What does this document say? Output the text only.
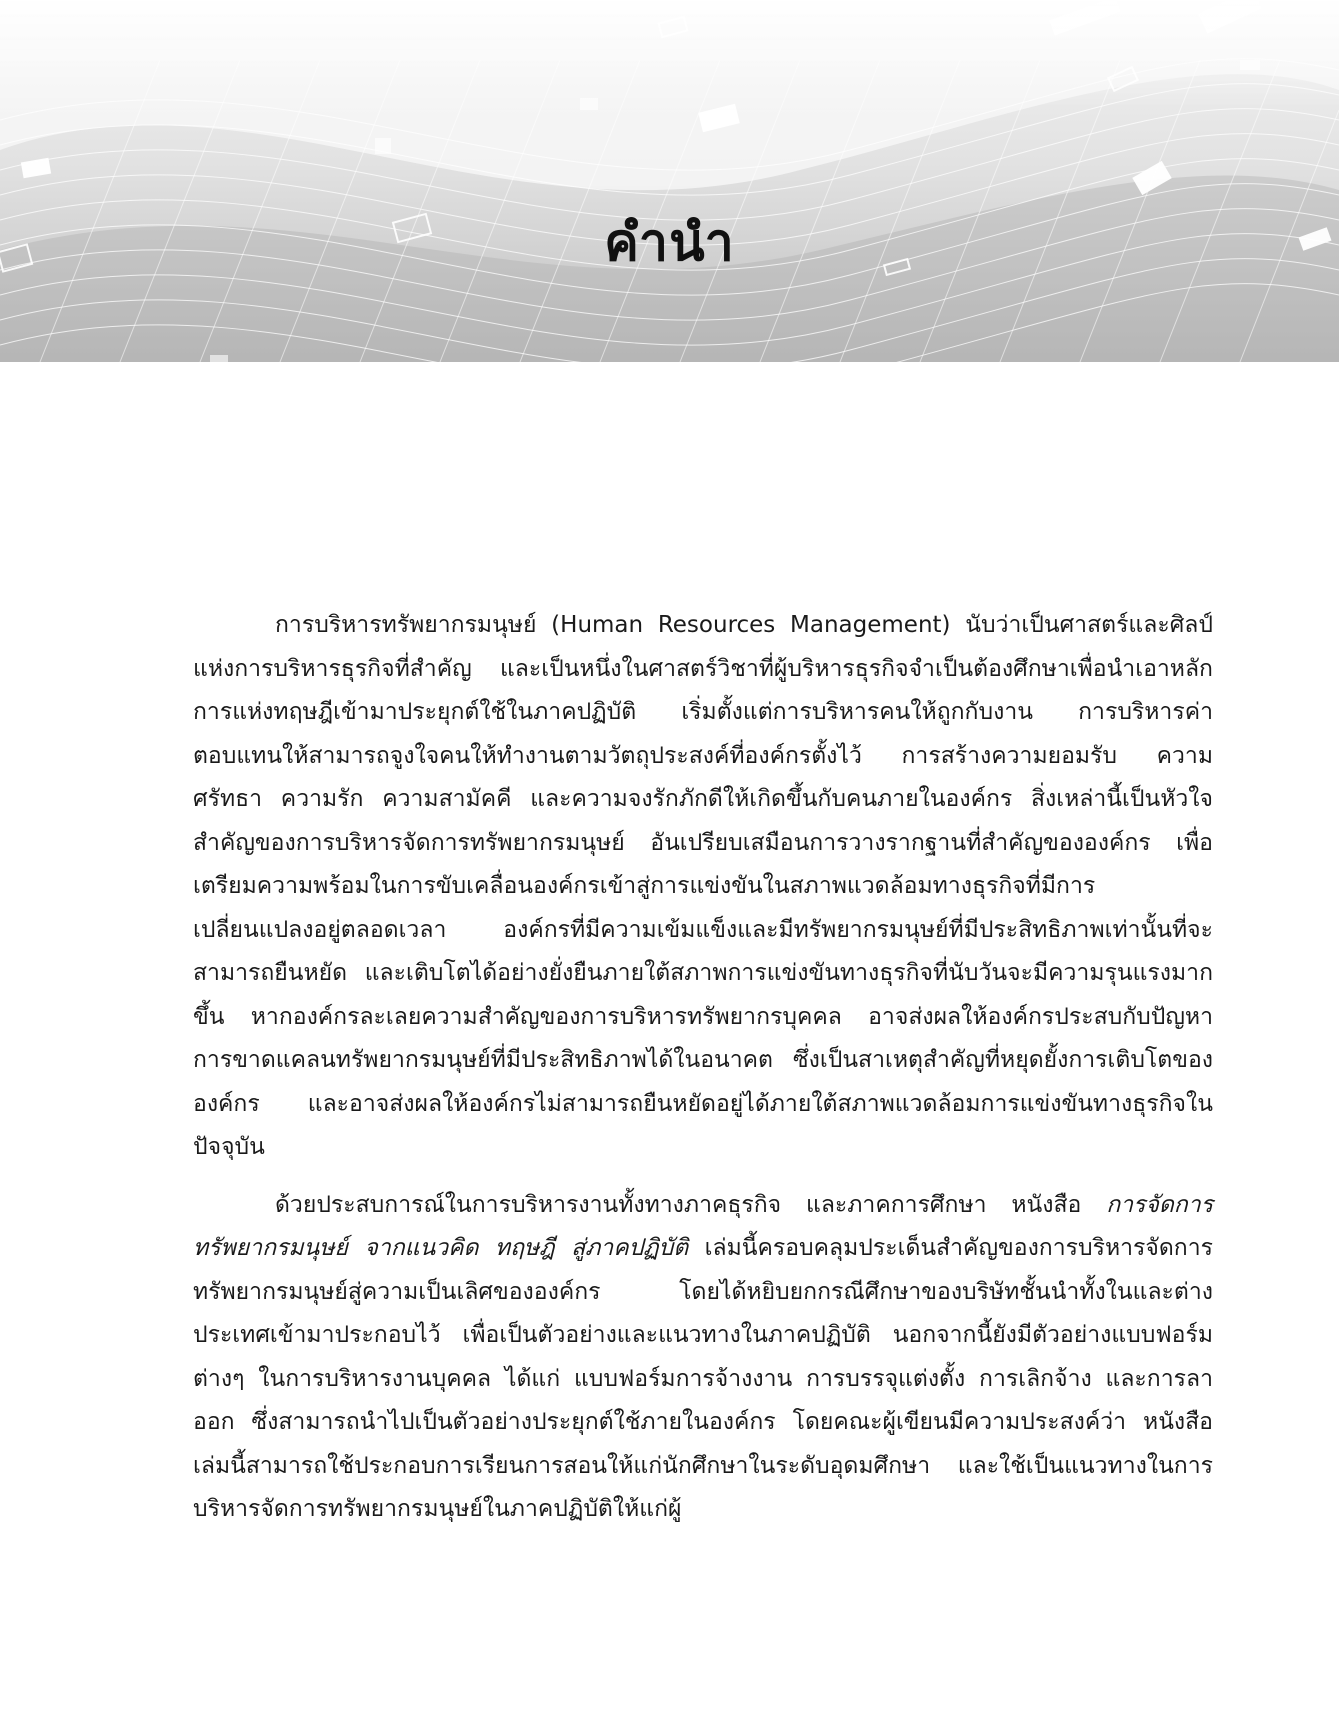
คำนำ

การบริหารทรัพยากรมนุษย์ (Human Resources Management) นับว่าเป็นศาสตร์และศิลป์แห่งการบริหารธุรกิจที่สำคัญ และเป็นหนึ่งในศาสตร์วิชาที่ผู้บริหารธุรกิจจำเป็นต้องศึกษาเพื่อนำเอาหลักการแห่งทฤษฎีเข้ามาประยุกต์ใช้ในภาคปฏิบัติ เริ่มตั้งแต่การบริหารคนให้ถูกกับงาน การบริหารค่าตอบแทนให้สามารถจูงใจคนให้ทำงานตามวัตถุประสงค์ที่องค์กรตั้งไว้ การสร้างความยอมรับ ความศรัทธา ความรัก ความสามัคคี และความจงรักภักดีให้เกิดขึ้นกับคนภายในองค์กร สิ่งเหล่านี้เป็นหัวใจสำคัญของการบริหารจัดการทรัพยากรมนุษย์ อันเปรียบเสมือนการวางรากฐานที่สำคัญขององค์กร เพื่อเตรียมความพร้อมในการขับเคลื่อนองค์กรเข้าสู่การแข่งขันในสภาพแวดล้อมทางธุรกิจที่มีการเปลี่ยนแปลงอยู่ตลอดเวลา องค์กรที่มีความเข้มแข็งและมีทรัพยากรมนุษย์ที่มีประสิทธิภาพเท่านั้นที่จะสามารถยืนหยัด และเติบโตได้อย่างยั่งยืนภายใต้สภาพการแข่งขันทางธุรกิจที่นับวันจะมีความรุนแรงมากขึ้น หากองค์กรละเลยความสำคัญของการบริหารทรัพยากรบุคคล อาจส่งผลให้องค์กรประสบกับปัญหาการขาดแคลนทรัพยากรมนุษย์ที่มีประสิทธิภาพได้ในอนาคต ซึ่งเป็นสาเหตุสำคัญที่หยุดยั้งการเติบโตขององค์กร และอาจส่งผลให้องค์กรไม่สามารถยืนหยัดอยู่ได้ภายใต้สภาพแวดล้อมการแข่งขันทางธุรกิจในปัจจุบัน

ด้วยประสบการณ์ในการบริหารงานทั้งทางภาคธุรกิจ และภาคการศึกษา หนังสือ การจัดการทรัพยากรมนุษย์ จากแนวคิด ทฤษฎี สู่ภาคปฏิบัติ เล่มนี้ครอบคลุมประเด็นสำคัญของการบริหารจัดการทรัพยากรมนุษย์สู่ความเป็นเลิศขององค์กร โดยได้หยิบยกกรณีศึกษาของบริษัทชั้นนำทั้งในและต่างประเทศเข้ามาประกอบไว้ เพื่อเป็นตัวอย่างและแนวทางในภาคปฏิบัติ นอกจากนี้ยังมีตัวอย่างแบบฟอร์มต่างๆ ในการบริหารงานบุคคล ได้แก่ แบบฟอร์มการจ้างงาน การบรรจุแต่งตั้ง การเลิกจ้าง และการลาออก ซึ่งสามารถนำไปเป็นตัวอย่างประยุกต์ใช้ภายในองค์กร โดยคณะผู้เขียนมีความประสงค์ว่า หนังสือเล่มนี้สามารถใช้ประกอบการเรียนการสอนให้แก่นักศึกษาในระดับอุดมศึกษา และใช้เป็นแนวทางในการบริหารจัดการทรัพยากรมนุษย์ในภาคปฏิบัติให้แก่ผู้
